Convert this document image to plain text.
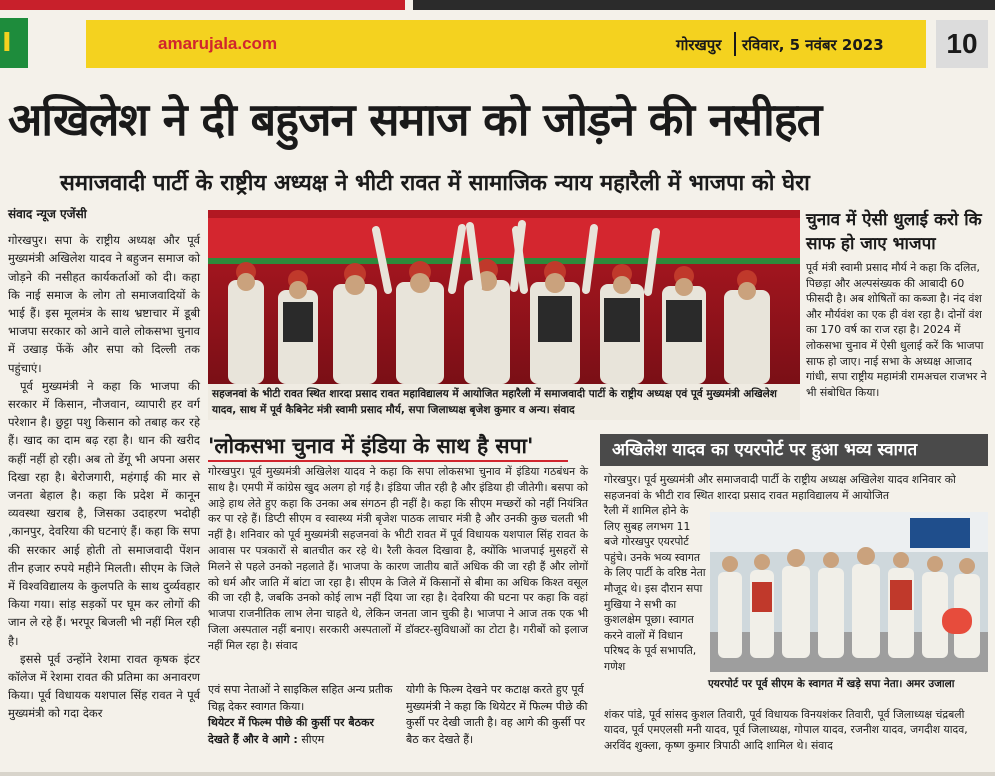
I	amarujala.com	गोरखपुर रविवार, 5 नवंबर 2023	10
अखिलेश ने दी बहुजन समाज को जोड़ने की नसीहत
समाजवादी पार्टी के राष्ट्रीय अध्यक्ष ने भीटी रावत में सामाजिक न्याय महारैली में भाजपा को घेरा
संवाद न्यूज एजेंसी

गोरखपुर। सपा के राष्ट्रीय अध्यक्ष और पूर्व मुख्यमंत्री अखिलेश यादव ने बहुजन समाज को जोड़ने की नसीहत कार्यकर्ताओं को दी। कहा कि नाई समाज के लोग तो समाजवादियों के भाई हैं। इस मूलमंत्र के साथ भ्रष्टाचार में डूबी भाजपा सरकार को आने वाले लोकसभा चुनाव में उखाड़ फेंकें और सपा को दिल्ली तक पहुंचाएं।

पूर्व मुख्यमंत्री ने कहा कि भाजपा की सरकार में किसान, नौजवान, व्यापारी हर वर्ग परेशान है। छुट्टा पशु किसान को तबाह कर रहे हैं। खाद का दाम बढ़ रहा है। धान की खरीद कहीं नहीं हो रही। अब तो डेंगू भी अपना असर दिखा रहा है। बेरोजगारी, महंगाई की मार से जनता बेहाल है। कहा कि प्रदेश में कानून व्यवस्था खराब है, जिसका उदाहरण भदोही ,कानपुर, देवरिया की घटनाएं हैं। कहा कि सपा की सरकार आई होती तो समाजवादी पेंशन तीन हजार रुपये महीने मिलती। सीएम के जिले में विश्वविद्यालय के कुलपति के साथ दुर्व्यवहार किया गया। सांड़ सड़कों पर घूम कर लोगों की जान ले रहे हैं। भरपूर बिजली भी नहीं मिल रही है।

इससे पूर्व उन्होंने रेशमा रावत कृषक इंटर कॉलेज में रेशमा रावत की प्रतिमा का अनावरण किया। पूर्व विधायक यशपाल सिंह रावत ने पूर्व मुख्यमंत्री को गदा देकर

सहजनवां के भीटी रावत स्थित शारदा प्रसाद रावत महाविद्यालय में आयोजित महारैली में समाजवादी पार्टी के राष्ट्रीय अध्यक्ष एवं पूर्व मुख्यमंत्री अखिलेश यादव, साथ में पूर्व कैबिनेट मंत्री स्वामी प्रसाद मौर्य, सपा जिलाध्यक्ष बृजेश कुमार व अन्य। संवाद
चुनाव में ऐसी धुलाई करो कि साफ हो जाए भाजपा
पूर्व मंत्री स्वामी प्रसाद मौर्य ने कहा कि दलित, पिछड़ा और अल्पसंख्यक की आबादी 60 फीसदी है। अब शोषितों का कब्जा है। नंद वंश और मौर्यवंश का एक ही वंश रहा है। दोनों वंश का 170 वर्ष का राज रहा है। 2024 में लोकसभा चुनाव में ऐसी धुलाई करें कि भाजपा साफ हो जाए। नाई सभा के अध्यक्ष आजाद गांधी, सपा राष्ट्रीय महामंत्री रामअचल राजभर ने भी संबोधित किया।
'लोकसभा चुनाव में इंडिया के साथ है सपा'
गोरखपुर। पूर्व मुख्यमंत्री अखिलेश यादव ने कहा कि सपा लोकसभा चुनाव में इंडिया गठबंधन के साथ है। एमपी में कांग्रेस खुद अलग हो गई है। इंडिया जीत रही है और इंडिया ही जीतेगी। बसपा को आड़े हाथ लेते हुए कहा कि उनका अब संगठन ही नहीं है। कहा कि सीएम मच्छरों को नहीं नियंत्रित कर पा रहे हैं। डिप्टी सीएम व स्वास्थ्य मंत्री बृजेश पाठक लाचार मंत्री है और उनकी कुछ चलती भी नहीं है। शनिवार को पूर्व मुख्यमंत्री सहजनवां के भीटी रावत में पूर्व विधायक यशपाल सिंह रावत के आवास पर पत्रकारों से बातचीत कर रहे थे। रैली केवल दिखावा है, क्योंकि भाजपाई मुसहरों से मिलने से पहले उनको नहलाते हैं। भाजपा के कारण जातीय बातें अधिक की जा रही हैं और लोगों को धर्म और जाति में बांटा जा रहा है। सीएम के जिले में किसानों से बीमा का अधिक किश्त वसूल की जा रही है, जबकि उनको कोई लाभ नहीं दिया जा रहा है। देवरिया की घटना पर कहा कि वहां भाजपा राजनीतिक लाभ लेना चाहते थे, लेकिन जनता जान चुकी है। भाजपा ने आज तक एक भी जिला अस्पताल नहीं बनाए। सरकारी अस्पतालों में डॉक्टर-सुविधाओं का टोटा है। गरीबों को इलाज नहीं मिल रहा है। संवाद
एवं सपा नेताओं ने साइकिल सहित अन्य प्रतीक चिह्न देकर स्वागत किया।
थियेटर में फिल्म पीछे की कुर्सी पर बैठकर देखते हैं और वे आगे : सीएम
योगी के फिल्म देखने पर कटाक्ष करते हुए पूर्व मुख्यमंत्री ने कहा कि थियेटर में फिल्म पीछे की कुर्सी पर देखी जाती है। वह आगे की कुर्सी पर बैठ कर देखते हैं।
अखिलेश यादव का एयरपोर्ट पर हुआ भव्य स्वागत
गोरखपुर। पूर्व मुख्यमंत्री और समाजवादी पार्टी के राष्ट्रीय अध्यक्ष अखिलेश यादव शनिवार को सहजनवां के भीटी राव स्थित शारदा प्रसाद रावत महाविद्यालय में आयोजित
रैली में शामिल होने के लिए सुबह लगभग 11 बजे गोरखपुर एयरपोर्ट पहुंचे। उनके भव्य स्वागत के लिए पार्टी के वरिष्ठ नेता मौजूद थे। इस दौरान सपा मुखिया ने सभी का कुशलक्षेम पूछा। स्वागत करने वालों में विधान परिषद के पूर्व सभापति, गणेश
एयरपोर्ट पर पूर्व सीएम के स्वागत में खड़े सपा नेता। अमर उजाला
शंकर पांडे, पूर्व सांसद कुशल तिवारी, पूर्व विधायक विनयशंकर तिवारी, पूर्व जिलाध्यक्ष चंद्रबली यादव, पूर्व एमएलसी मनी यादव, पूर्व जिलाध्यक्ष, गोपाल यादव, रजनीश यादव, जगदीश यादव, अरविंद शुक्ला, कृष्ण कुमार त्रिपाठी आदि शामिल थे। संवाद
